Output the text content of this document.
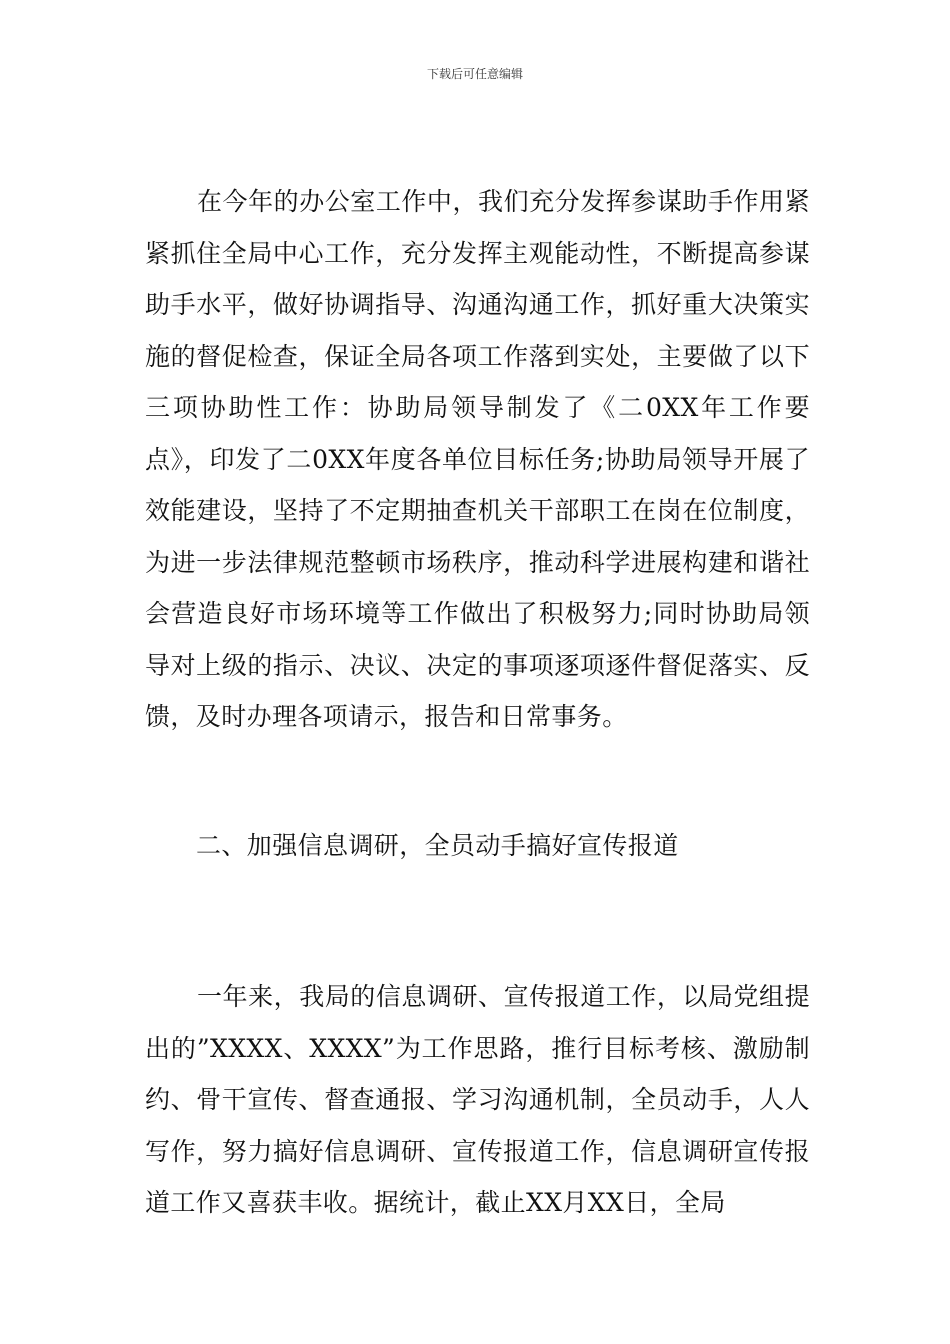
下载后可任意编辑

在今年的办公室工作中，我们充分发挥参谋助手作用紧紧抓住全局中心工作，充分发挥主观能动性，不断提高参谋助手水平，做好协调指导、沟通沟通工作，抓好重大决策实施的督促检查，保证全局各项工作落到实处，主要做了以下三项协助性工作：协助局领导制发了《二0XX年工作要点》，印发了二0XX年度各单位目标任务;协助局领导开展了效能建设，坚持了不定期抽查机关干部职工在岗在位制度，为进一步法律规范整顿市场秩序，推动科学进展构建和谐社会营造良好市场环境等工作做出了积极努力;同时协助局领导对上级的指示、决议、决定的事项逐项逐件督促落实、反馈，及时办理各项请示，报告和日常事务。

二、加强信息调研，全员动手搞好宣传报道

一年来，我局的信息调研、宣传报道工作，以局党组提出的”XXXX、XXXX”为工作思路，推行目标考核、激励制约、骨干宣传、督查通报、学习沟通机制，全员动手，人人写作，努力搞好信息调研、宣传报道工作，信息调研宣传报道工作又喜获丰收。据统计，截止XX月XX日，全局
